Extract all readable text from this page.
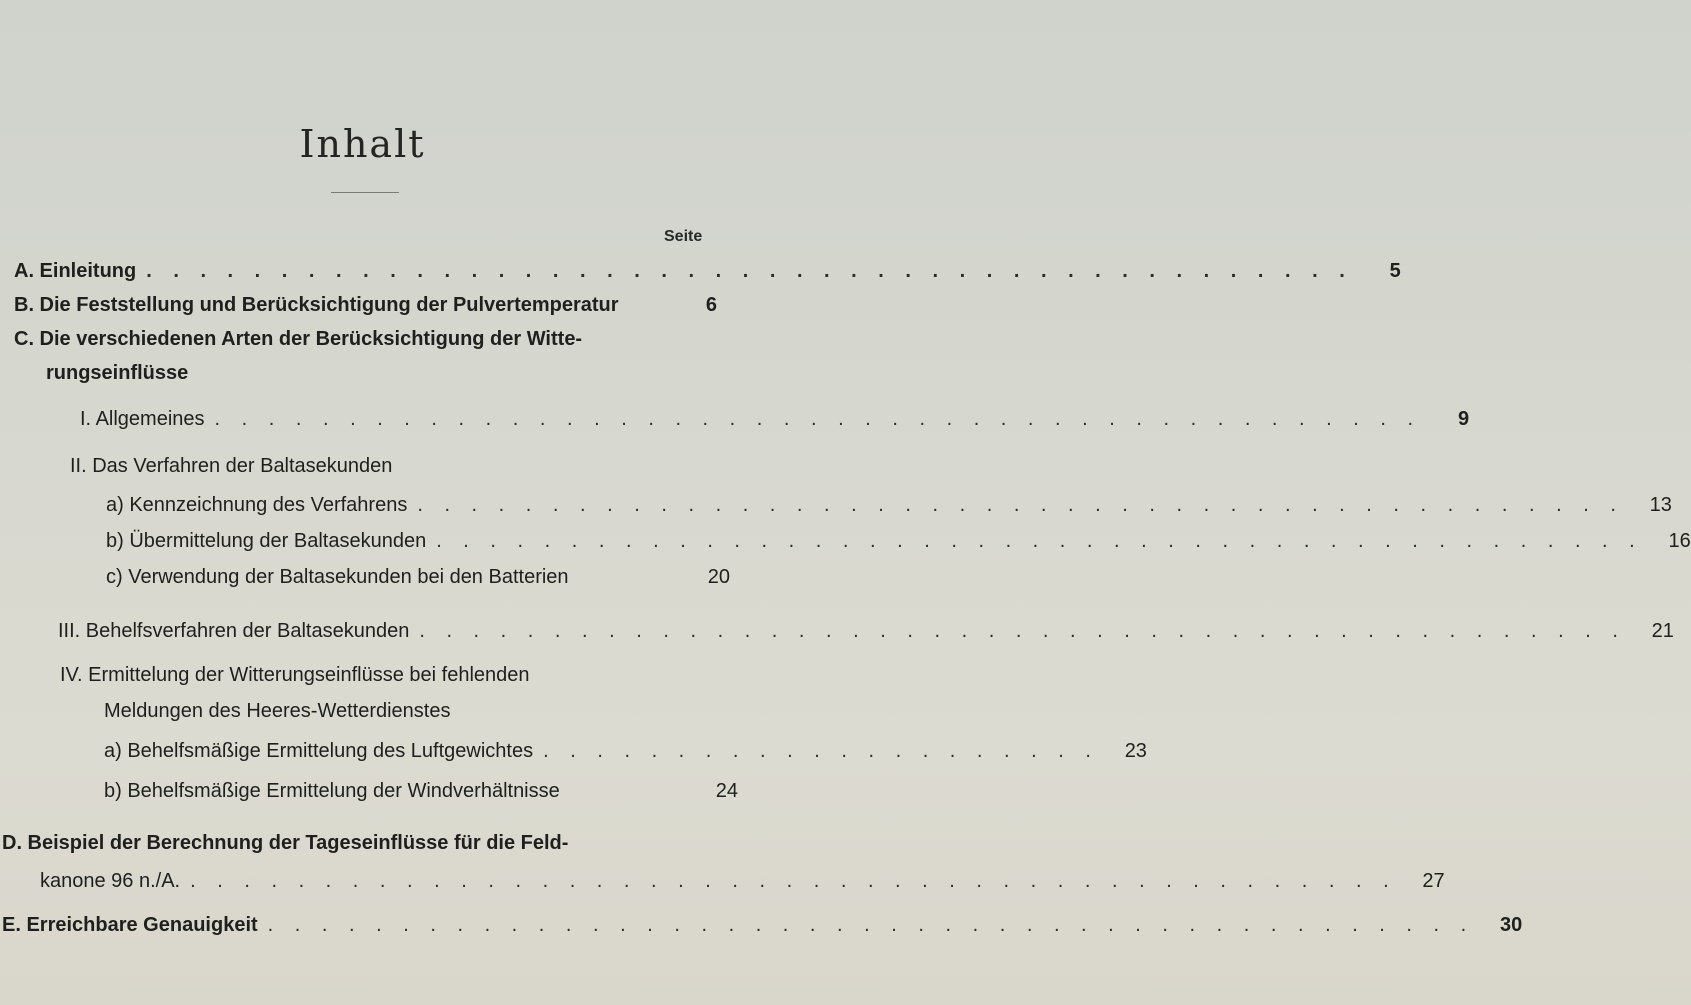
Inhalt
Seite
A. Einleitung . . . . . . . . . . . . . . . . . . . . . . . . . . . . . . . . . . . . . . . . . . . . .	5
B. Die Feststellung und Berücksichtigung der Pulvertemperatur	6
C. Die verschiedenen Arten der Berücksichtigung der Witte-
rungseinflüsse
I. Allgemeines . . . . . . . . . . . . . . . . . . . . . . . . . . . . . . . . . . . . . . . . . . . . .	9
II. Das Verfahren der Baltasekunden
a) Kennzeichnung des Verfahrens . . . . . . . . . . . . . . . . . . . . . . . . . . . . . . . . . . . . . . . . . . . . .	13
b) Übermittelung der Baltasekunden . . . . . . . . . . . . . . . . . . . . . . . . . . . . . . . . . . . . . . . . . . . . .	16
c) Verwendung der Baltasekunden bei den Batterien	20
III. Behelfsverfahren der Baltasekunden . . . . . . . . . . . . . . . . . . . . . . . . . . . . . . . . . . . . . . . . . . . . .	21
IV. Ermittelung der Witterungseinflüsse bei fehlenden
Meldungen des Heeres-Wetterdienstes
a) Behelfsmäßige Ermittelung des Luftgewichtes . . . . . . . . . . . . . . . . . . . . .	23
b) Behelfsmäßige Ermittelung der Windverhältnisse	24
D. Beispiel der Berechnung der Tageseinflüsse für die Feld-
kanone 96 n./A. . . . . . . . . . . . . . . . . . . . . . . . . . . . . . . . . . . . . . . . . . . . . .	27
E. Erreichbare Genauigkeit . . . . . . . . . . . . . . . . . . . . . . . . . . . . . . . . . . . . . . . . . . . . .	30
